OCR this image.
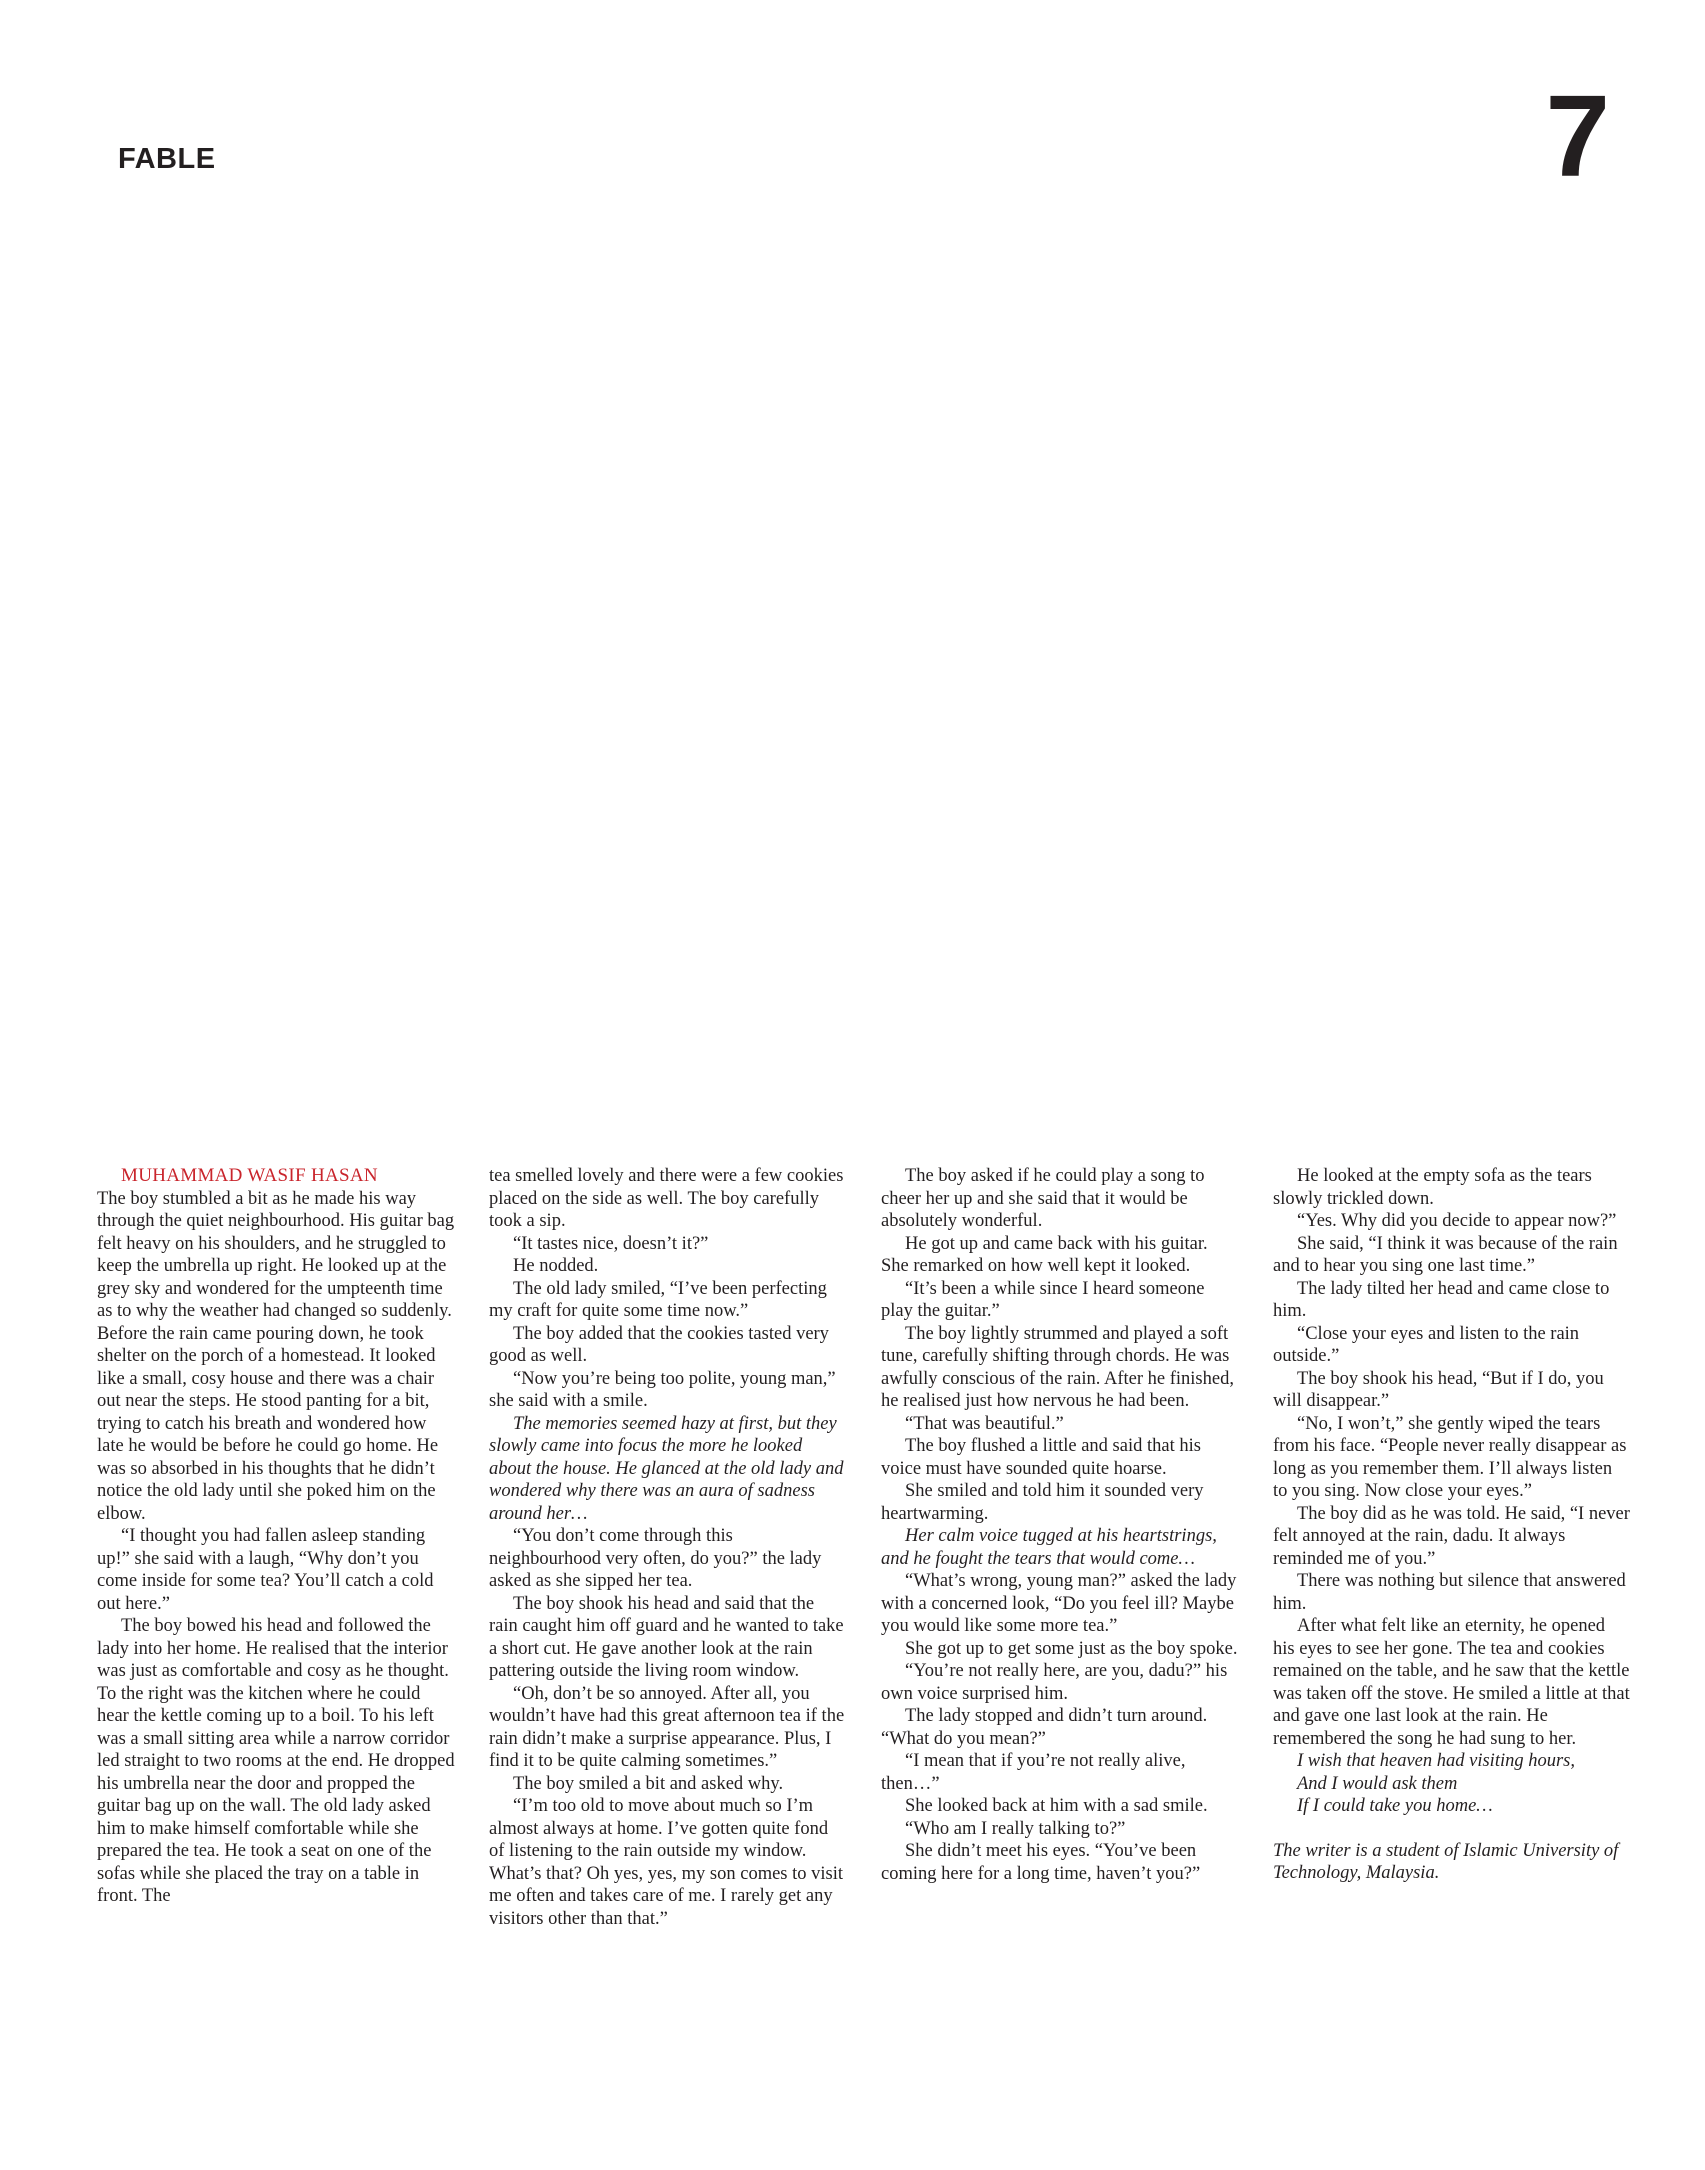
FABLE	7

MUHAMMAD WASIF HASAN

The boy stumbled a bit as he made his way through the quiet neighbourhood. His guitar bag felt heavy on his shoulders, and he struggled to keep the umbrella up right. He looked up at the grey sky and wondered for the umpteenth time as to why the weather had changed so suddenly. Before the rain came pouring down, he took shelter on the porch of a homestead. It looked like a small, cosy house and there was a chair out near the steps. He stood panting for a bit, trying to catch his breath and wondered how late he would be before he could go home. He was so absorbed in his thoughts that he didn’t notice the old lady until she poked him on the elbow.

“I thought you had fallen asleep standing up!” she said with a laugh, “Why don’t you come inside for some tea? You’ll catch a cold out here.”

The boy bowed his head and followed the lady into her home. He realised that the interior was just as comfortable and cosy as he thought. To the right was the kitchen where he could hear the kettle coming up to a boil. To his left was a small sitting area while a narrow corridor led straight to two rooms at the end. He dropped his umbrella near the door and propped the guitar bag up on the wall. The old lady asked him to make himself comfortable while she prepared the tea. He took a seat on one of the sofas while she placed the tray on a table in front. The

tea smelled lovely and there were a few cookies placed on the side as well. The boy carefully took a sip.

“It tastes nice, doesn’t it?”

He nodded.

The old lady smiled, “I’ve been perfecting my craft for quite some time now.”

The boy added that the cookies tasted very good as well.

“Now you’re being too polite, young man,” she said with a smile.

The memories seemed hazy at first, but they slowly came into focus the more he looked about the house. He glanced at the old lady and wondered why there was an aura of sadness around her…

“You don’t come through this neighbourhood very often, do you?” the lady asked as she sipped her tea.

The boy shook his head and said that the rain caught him off guard and he wanted to take a short cut. He gave another look at the rain pattering outside the living room window.

“Oh, don’t be so annoyed. After all, you wouldn’t have had this great afternoon tea if the rain didn’t make a surprise appearance. Plus, I find it to be quite calming sometimes.”

The boy smiled a bit and asked why.

“I’m too old to move about much so I’m almost always at home. I’ve gotten quite fond of listening to the rain outside my window. What’s that? Oh yes, yes, my son comes to visit me often and takes care of me. I rarely get any visitors other than that.”

The boy asked if he could play a song to cheer her up and she said that it would be absolutely wonderful.

He got up and came back with his guitar. She remarked on how well kept it looked.

“It’s been a while since I heard someone play the guitar.”

The boy lightly strummed and played a soft tune, carefully shifting through chords. He was awfully conscious of the rain. After he finished, he realised just how nervous he had been.

“That was beautiful.”

The boy flushed a little and said that his voice must have sounded quite hoarse.

She smiled and told him it sounded very heartwarming.

Her calm voice tugged at his heartstrings, and he fought the tears that would come…

“What’s wrong, young man?” asked the lady with a concerned look, “Do you feel ill? Maybe you would like some more tea.”

She got up to get some just as the boy spoke.

“You’re not really here, are you, dadu?” his own voice surprised him.

The lady stopped and didn’t turn around. “What do you mean?”

“I mean that if you’re not really alive, then…”

She looked back at him with a sad smile.

“Who am I really talking to?”

She didn’t meet his eyes. “You’ve been coming here for a long time, haven’t you?”

He looked at the empty sofa as the tears slowly trickled down.

“Yes. Why did you decide to appear now?”

She said, “I think it was because of the rain and to hear you sing one last time.”

The lady tilted her head and came close to him.

“Close your eyes and listen to the rain outside.”

The boy shook his head, “But if I do, you will disappear.”

“No, I won’t,” she gently wiped the tears from his face. “People never really disappear as long as you remember them. I’ll always listen to you sing. Now close your eyes.”

The boy did as he was told. He said, “I never felt annoyed at the rain, dadu. It always reminded me of you.”

There was nothing but silence that answered him.

After what felt like an eternity, he opened his eyes to see her gone. The tea and cookies remained on the table, and he saw that the kettle was taken off the stove. He smiled a little at that and gave one last look at the rain. He remembered the song he had sung to her.

I wish that heaven had visiting hours,

And I would ask them

If I could take you home…

The writer is a student of Islamic University of Technology, Malaysia.
